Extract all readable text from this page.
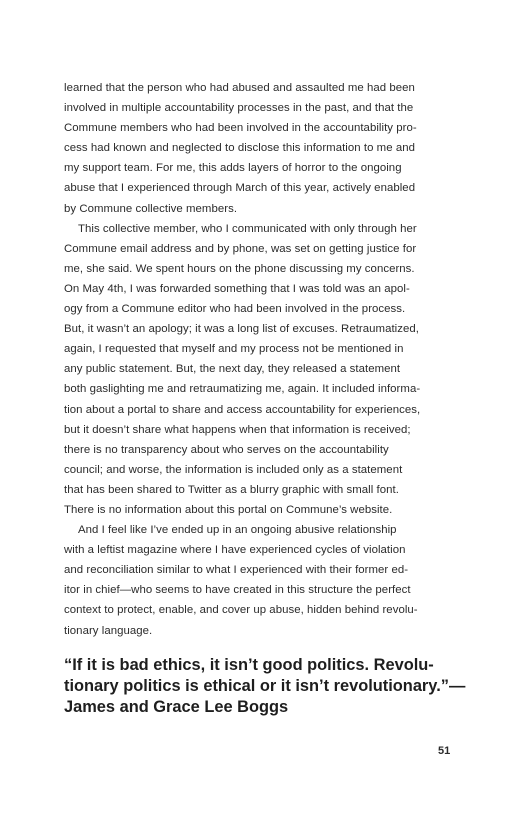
learned that the person who had abused and assaulted me had been
involved in multiple accountability processes in the past, and that the
Commune members who had been involved in the accountability pro-
cess had known and neglected to disclose this information to me and
my support team. For me, this adds layers of horror to the ongoing
abuse that I experienced through March of this year, actively enabled
by Commune collective members.
This collective member, who I communicated with only through her
Commune email address and by phone, was set on getting justice for
me, she said. We spent hours on the phone discussing my concerns.
On May 4th, I was forwarded something that I was told was an apol-
ogy from a Commune editor who had been involved in the process.
But, it wasn’t an apology; it was a long list of excuses. Retraumatized,
again, I requested that myself and my process not be mentioned in
any public statement. But, the next day, they released a statement
both gaslighting me and retraumatizing me, again. It included informa-
tion about a portal to share and access accountability for experiences,
but it doesn’t share what happens when that information is received;
there is no transparency about who serves on the accountability
council; and worse, the information is included only as a statement
that has been shared to Twitter as a blurry graphic with small font.
There is no information about this portal on Commune’s website.
And I feel like I’ve ended up in an ongoing abusive relationship
with a leftist magazine where I have experienced cycles of violation
and reconciliation similar to what I experienced with their former ed-
itor in chief—who seems to have created in this structure the perfect
context to protect, enable, and cover up abuse, hidden behind revolu-
tionary language.
“If it is bad ethics, it isn’t good politics. Revolu-
tionary politics is ethical or it isn’t revolutionary.”—
James and Grace Lee Boggs
51
